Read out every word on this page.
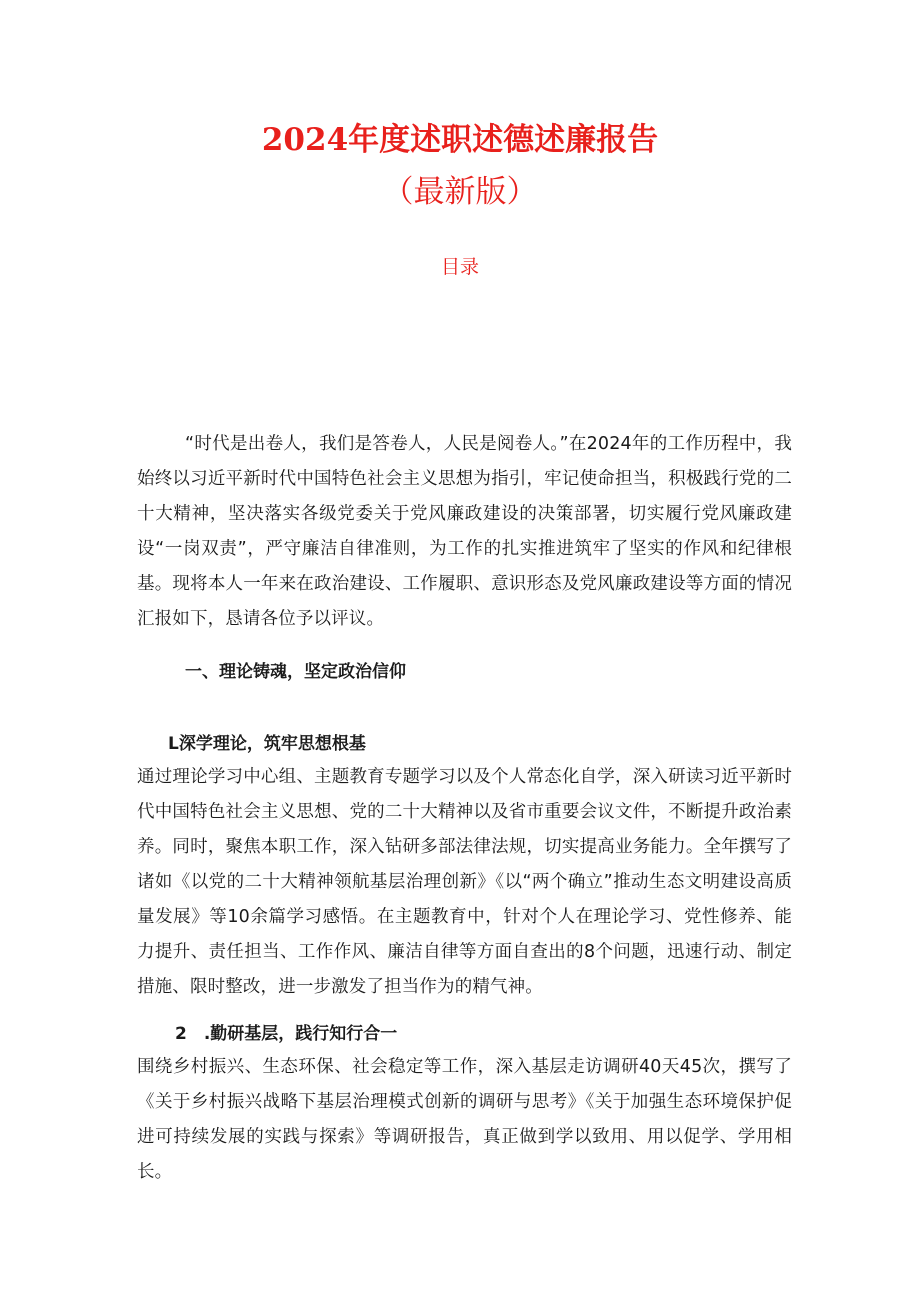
2024年度述职述德述廉报告
（最新版）
目录
“时代是出卷人，我们是答卷人，人民是阅卷人。”在2024年的工作历程中，我始终以习近平新时代中国特色社会主义思想为指引，牢记使命担当，积极践行党的二十大精神，坚决落实各级党委关于党风廉政建设的决策部署，切实履行党风廉政建设“一岗双责”，严守廉洁自律准则，为工作的扎实推进筑牢了坚实的作风和纪律根基。现将本人一年来在政治建设、工作履职、意识形态及党风廉政建设等方面的情况汇报如下，恳请各位予以评议。
一、理论铸魂，坚定政治信仰
L深学理论，筑牢思想根基
通过理论学习中心组、主题教育专题学习以及个人常态化自学，深入研读习近平新时代中国特色社会主义思想、党的二十大精神以及省市重要会议文件，不断提升政治素养。同时，聚焦本职工作，深入钻研多部法律法规，切实提高业务能力。全年撰写了诸如《以党的二十大精神领航基层治理创新》《以“两个确立”推动生态文明建设高质量发展》等10余篇学习感悟。在主题教育中，针对个人在理论学习、党性修养、能力提升、责任担当、工作作风、廉洁自律等方面自查出的8个问题，迅速行动、制定措施、限时整改，进一步激发了担当作为的精气神。
2　.勤研基层，践行知行合一
围绕乡村振兴、生态环保、社会稳定等工作，深入基层走访调研40天45次，撰写了《关于乡村振兴战略下基层治理模式创新的调研与思考》《关于加强生态环境保护促进可持续发展的实践与探索》等调研报告，真正做到学以致用、用以促学、学用相长。
